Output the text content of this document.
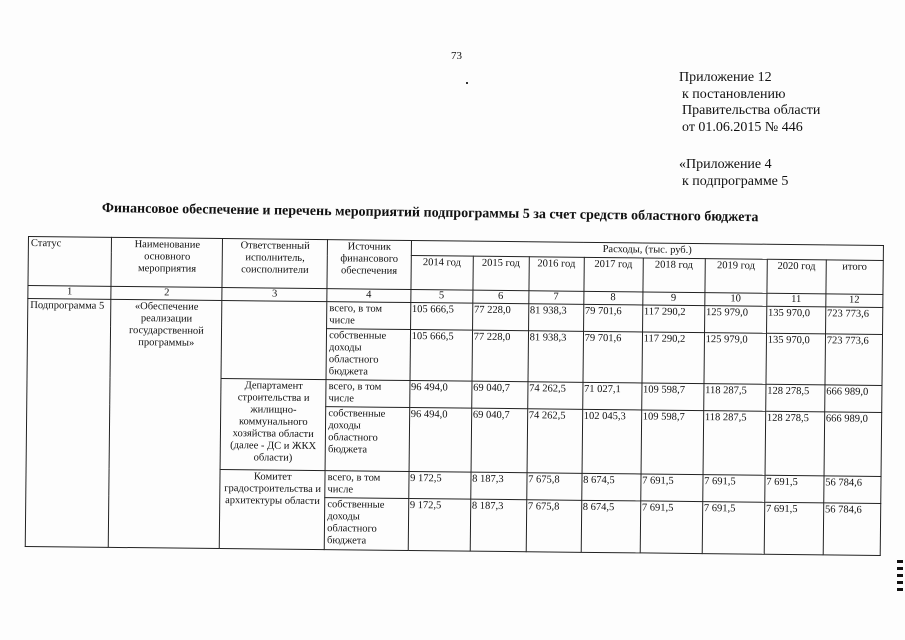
73
Приложение 12
к постановлению
Правительства области
от 01.06.2015 № 446
«Приложение 4
к подпрограмме 5
Финансовое обеспечение и перечень мероприятий подпрограммы 5 за счет средств областного бюджета
Статус	Наименование основного мероприятия	Ответственный исполнитель, соисполнители	Источник финансового обеспечения	Расходы, (тыс. руб.)							
				2014 год	2015 год	2016 год	2017 год	2018 год	2019 год	2020 год	итого
1	2	3	4	5	6	7	8	9	10	11	12
Подпрограмма 5	«Обеспечение реализации государственной программы»		всего, в том числе	105 666,5	77 228,0	81 938,3	79 701,6	117 290,2	125 979,0	135 970,0	723 773,6
			собственные доходы областного бюджета	105 666,5	77 228,0	81 938,3	79 701,6	117 290,2	125 979,0	135 970,0	723 773,6
		Департамент строительства и жилищно-коммунального хозяйства области (далее - ДС и ЖКХ области)	всего, в том числе	96 494,0	69 040,7	74 262,5	71 027,1	109 598,7	118 287,5	128 278,5	666 989,0
			собственные доходы областного бюджета	96 494,0	69 040,7	74 262,5	102 045,3	109 598,7	118 287,5	128 278,5	666 989,0
		Комитет градостроительства и архитектуры области	всего, в том числе	9 172,5	8 187,3	7 675,8	8 674,5	7 691,5	7 691,5	7 691,5	56 784,6
			собственные доходы областного бюджета	9 172,5	8 187,3	7 675,8	8 674,5	7 691,5	7 691,5	7 691,5	56 784,6
